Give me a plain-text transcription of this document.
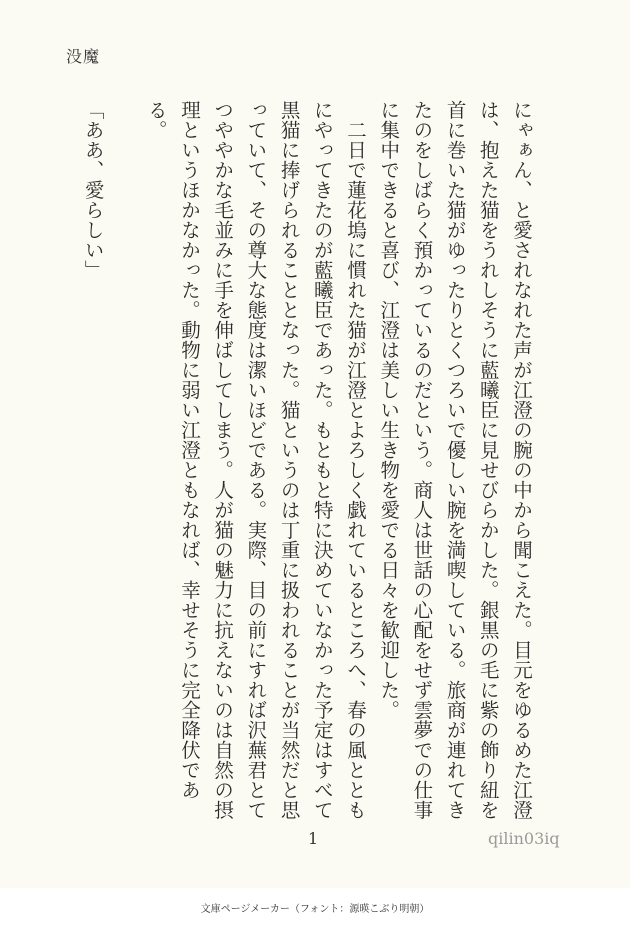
没魔

にゃぁん、と愛されなれた声が江澄の腕の中から聞こえた。目元をゆるめた江澄は、抱えた猫をうれしそうに藍曦臣に見せびらかした。銀黒の毛に紫の飾り紐を首に巻いた猫がゆったりとくつろいで優しい腕を満喫している。旅商が連れてきたのをしばらく預かっているのだという。商人は世話の心配をせず雲夢での仕事に集中できると喜び、江澄は美しい生き物を愛でる日々を歓迎した。

二日で蓮花塢に慣れた猫が江澄とよろしく戯れているところへ、春の風とともにやってきたのが藍曦臣であった。もともと特に決めていなかった予定はすべて黒猫に捧げられることとなった。猫というのは丁重に扱われることが当然だと思っていて、その尊大な態度は潔いほどである。実際、目の前にすれば沢蕪君とてつややかな毛並みに手を伸ばしてしまう。人が猫の魅力に抗えないのは自然の摂理というほかなかった。動物に弱い江澄ともなれば、幸せそうに完全降伏である。

「ああ、愛らしい」

1	qilin03iq
文庫ページメーカー（フォント：源暎こぶり明朝）
